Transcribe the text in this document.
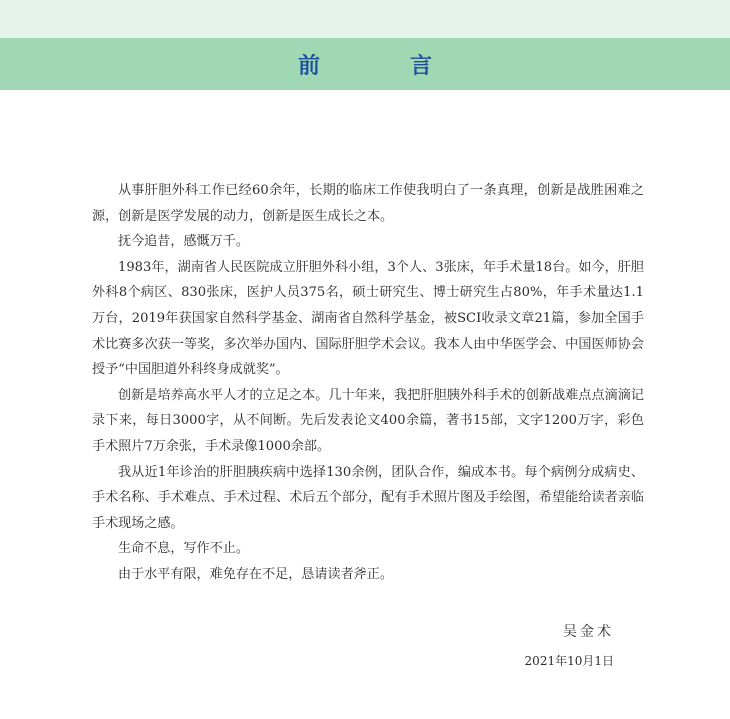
前　言

从事肝胆外科工作已经60余年，长期的临床工作使我明白了一条真理，创新是战胜困难之源，创新是医学发展的动力，创新是医生成长之本。

抚今追昔，感慨万千。

1983年，湖南省人民医院成立肝胆外科小组，3个人、3张床，年手术量18台。如今，肝胆外科8个病区、830张床，医护人员375名，硕士研究生、博士研究生占80%，年手术量达1.1万台，2019年获国家自然科学基金、湖南省自然科学基金，被SCI收录文章21篇，参加全国手术比赛多次获一等奖，多次举办国内、国际肝胆学术会议。我本人由中华医学会、中国医师协会授予“中国胆道外科终身成就奖”。

创新是培养高水平人才的立足之本。几十年来，我把肝胆胰外科手术的创新战难点点滴滴记录下来，每日3000字，从不间断。先后发表论文400余篇，著书15部，文字1200万字，彩色手术照片7万余张，手术录像1000余部。

我从近1年诊治的肝胆胰疾病中选择130余例，团队合作，编成本书。每个病例分成病史、手术名称、手术难点、手术过程、术后五个部分，配有手术照片图及手绘图，希望能给读者亲临手术现场之感。

生命不息，写作不止。

由于水平有限，难免存在不足，恳请读者斧正。

吴金术
2021年10月1日
